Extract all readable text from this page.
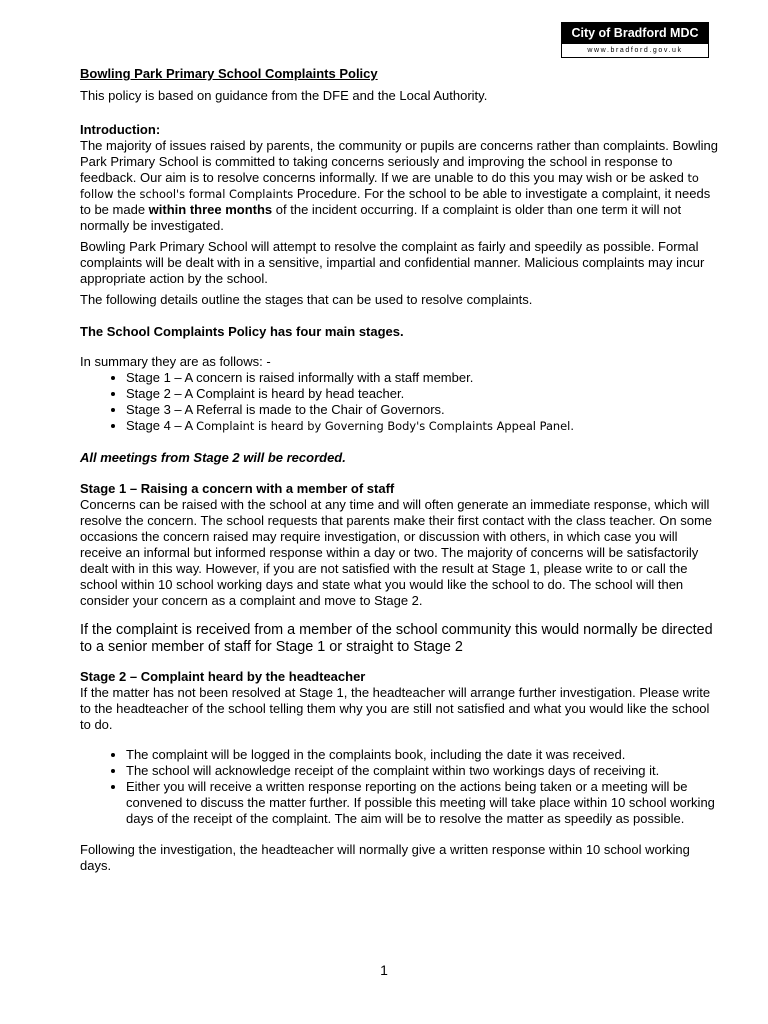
City of Bradford MDC
www.bradford.gov.uk

Bowling Park Primary School Complaints Policy

This policy is based on guidance from the DFE and the Local Authority.

Introduction:

The majority of issues raised by parents, the community or pupils are concerns rather than complaints. Bowling Park Primary School is committed to taking concerns seriously and improving the school in response to feedback. Our aim is to resolve concerns informally. If we are unable to do this you may wish or be asked to follow the school's formal Complaints Procedure. For the school to be able to investigate a complaint, it needs to be made within three months of the incident occurring. If a complaint is older than one term it will not normally be investigated.

Bowling Park Primary School will attempt to resolve the complaint as fairly and speedily as possible. Formal complaints will be dealt with in a sensitive, impartial and confidential manner. Malicious complaints may incur appropriate action by the school.

The following details outline the stages that can be used to resolve complaints.

The School Complaints Policy has four main stages.

In summary they are as follows: -

• Stage 1 – A concern is raised informally with a staff member.
• Stage 2 – A Complaint is heard by head teacher.
• Stage 3 – A Referral is made to the Chair of Governors.
• Stage 4 – A Complaint is heard by Governing Body's Complaints Appeal Panel.

All meetings from Stage 2 will be recorded.

Stage 1 – Raising a concern with a member of staff

Concerns can be raised with the school at any time and will often generate an immediate response, which will resolve the concern. The school requests that parents make their first contact with the class teacher. On some occasions the concern raised may require investigation, or discussion with others, in which case you will receive an informal but informed response within a day or two. The majority of concerns will be satisfactorily dealt with in this way. However, if you are not satisfied with the result at Stage 1, please write to or call the school within 10 school working days and state what you would like the school to do. The school will then consider your concern as a complaint and move to Stage 2.

If the complaint is received from a member of the school community this would normally be directed to a senior member of staff for Stage 1 or straight to Stage 2

Stage 2 – Complaint heard by the headteacher

If the matter has not been resolved at Stage 1, the headteacher will arrange further investigation. Please write to the headteacher of the school telling them why you are still not satisfied and what you would like the school to do.

• The complaint will be logged in the complaints book, including the date it was received.
• The school will acknowledge receipt of the complaint within two workings days of receiving it.
• Either you will receive a written response reporting on the actions being taken or a meeting will be convened to discuss the matter further. If possible this meeting will take place within 10 school working days of the receipt of the complaint. The aim will be to resolve the matter as speedily as possible.

Following the investigation, the headteacher will normally give a written response within 10 school working days.

1
